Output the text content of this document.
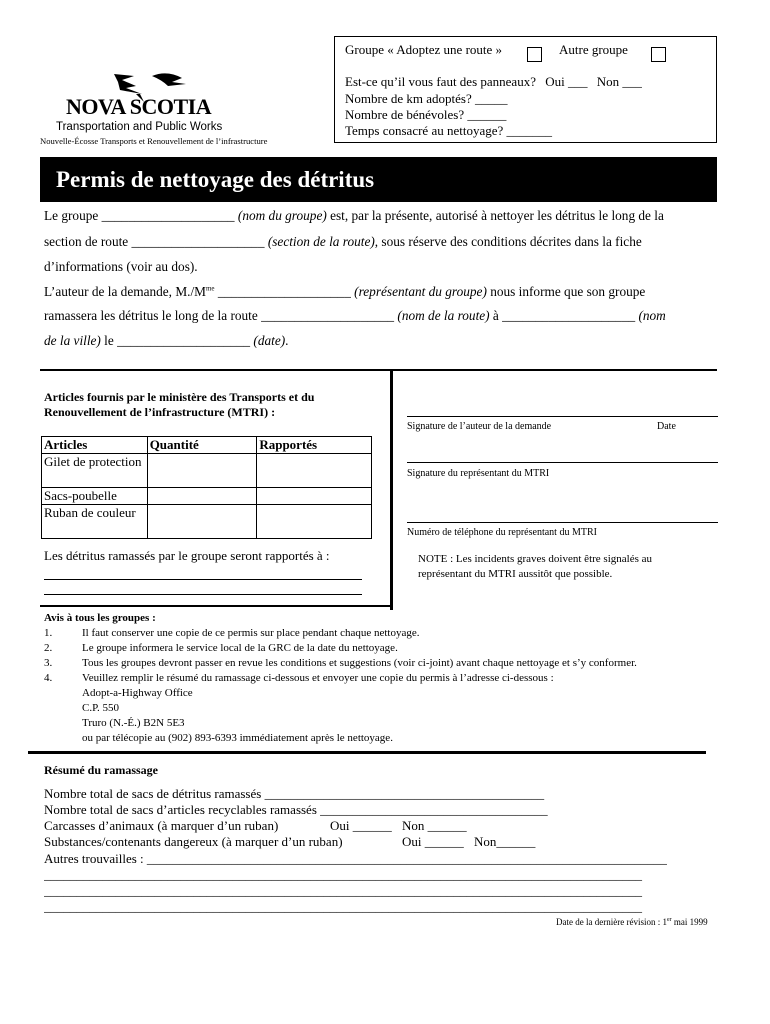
NOVA SCOTIA
Transportation and Public Works
Nouvelle-Écosse Transports et Renouvellement de l’infrastructure
Groupe « Adoptez une route »	Autre groupe
Est-ce qu’il vous faut des panneaux? Oui ___ Non ___
Nombre de km adoptés? _____
Nombre de bénévoles? ______
Temps consacré au nettoyage? _______
Permis de nettoyage des détritus
Le groupe ____________________ (nom du groupe) est, par la présente, autorisé à nettoyer les détritus le long de la
section de route ____________________ (section de la route), sous réserve des conditions décrites dans la fiche
d’informations (voir au dos).
L’auteur de la demande, $M./M^{me}$ ____________________ (représentant du groupe) nous informe que son groupe
ramassera les détritus le long de la route ____________________ (nom de la route) à ____________________ (nom
de la ville) le ____________________ (date).
Articles fournis par le ministère des Transports et du
Renouvellement de l’infrastructure (MTRI) :
Articles	Quantité	Rapportés
Gilet de protection		
Sacs-poubelle		
Ruban de couleur		
Les détritus ramassés par le groupe seront rapportés à :
Signature de l’auteur de la demande	Date
Signature du représentant du MTRI
Numéro de téléphone du représentant du MTRI
NOTE : Les incidents graves doivent être signalés au
représentant du MTRI aussitôt que possible.
Avis à tous les groupes :
1.	Il faut conserver une copie de ce permis sur place pendant chaque nettoyage.
2.	Le groupe informera le service local de la GRC de la date du nettoyage.
3.	Tous les groupes devront passer en revue les conditions et suggestions (voir ci-joint) avant chaque nettoyage et s’y conformer.
4.	Veuillez remplir le résumé du ramassage ci-dessous et envoyer une copie du permis à l’adresse ci-dessous :
Adopt-a-Highway Office
C.P. 550
Truro (N.-É.) B2N 5E3
ou par télécopie au (902) 893-6393 immédiatement après le nettoyage.
Résumé du ramassage
Nombre total de sacs de détritus ramassés ___________________________________________
Nombre total de sacs d’articles recyclables ramassés ___________________________________
Carcasses d’animaux (à marquer d’un ruban)	Oui ______ Non ______
Substances/contenants dangereux (à marquer d’un ruban)	Oui ______ Non______
Autres trouvailles : ________________________________________________________________________________
____________________________________________________________________________________________
____________________________________________________________________________________________
____________________________________________________________________________________________
Date de la dernière révision : 1er mai 1999
